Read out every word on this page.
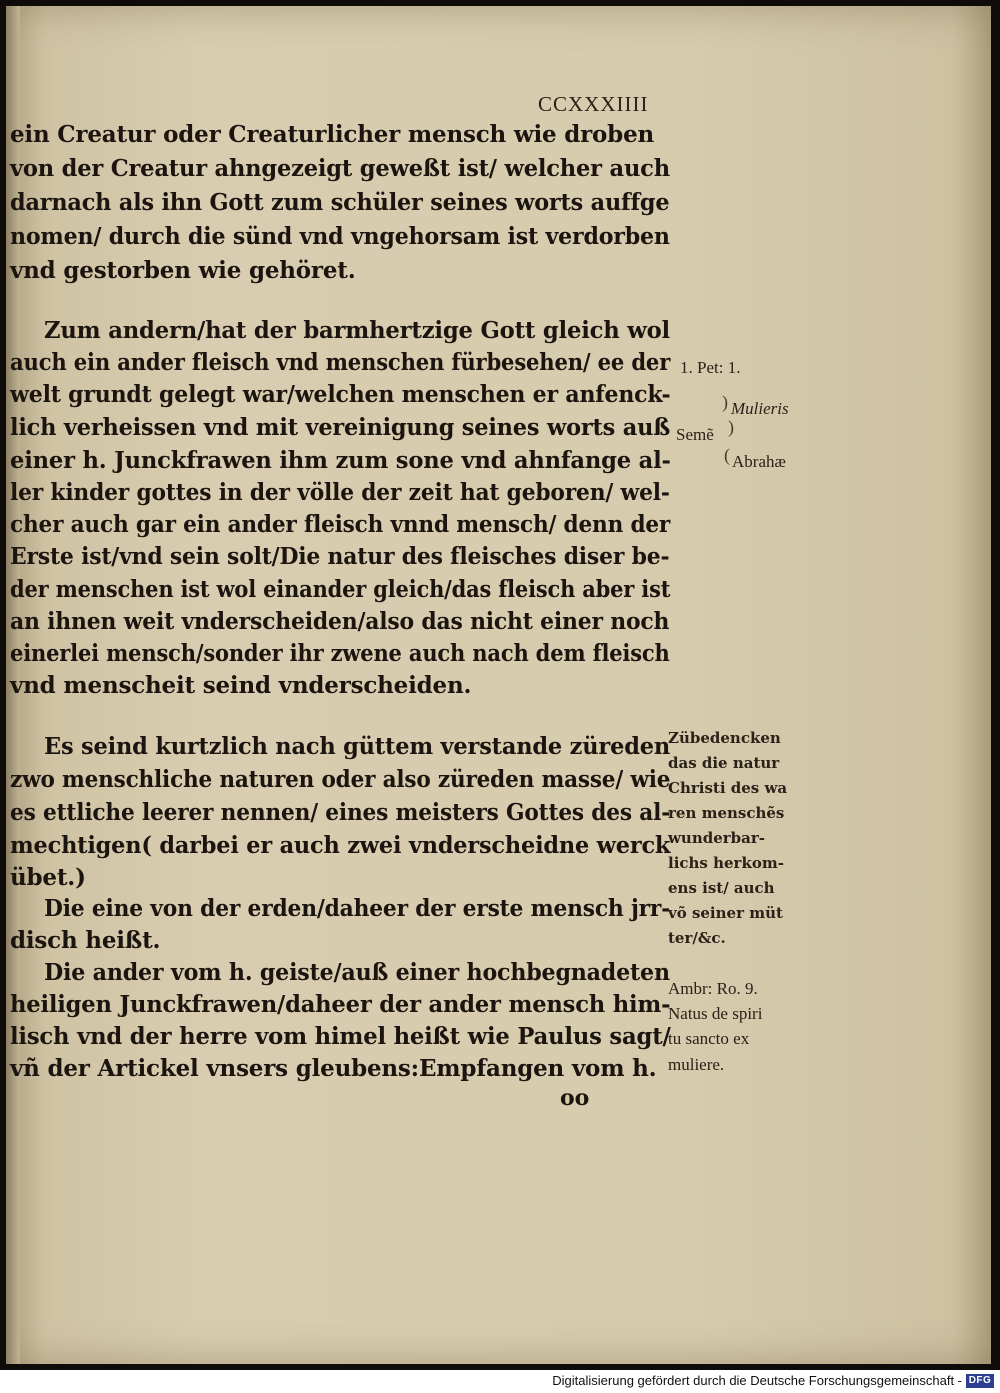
CCXXXIIII
ein Creatur oder Creaturlicher mensch wie droben
von der Creatur ahngezeigt geweßt ist/ welcher auch
darnach als ihn Gott zum schüler seines worts auffge
nomen/ durch die sünd vnd vngehorsam ist verdorben
vnd gestorben wie gehöret.
Zum andern/hat der barmhertzige Gott gleich wol
auch ein ander fleisch vnd menschen fürbesehen/ ee der
welt grundt gelegt war/welchen menschen er anfenck-
lich verheissen vnd mit vereinigung seines worts auß
einer h. Junckfrawen ihm zum sone vnd ahnfange al-
ler kinder gottes in der völle der zeit hat geboren/ wel-
cher auch gar ein ander fleisch vnnd mensch/ denn der
Erste ist/vnd sein solt/Die natur des fleisches diser be-
der menschen ist wol einander gleich/das fleisch aber ist
an ihnen weit vnderscheiden/also das nicht einer noch
einerlei mensch/sonder ihr zwene auch nach dem fleisch
vnd menscheit seind vnderscheiden.
Es seind kurtzlich nach güttem verstande züreden
zwo menschliche naturen oder also züreden masse/ wie
es ettliche leerer nennen/ eines meisters Gottes des al-
mechtigen( darbei er auch zwei vnderscheidne werck
übet.)
Die eine von der erden/daheer der erste mensch jrr-
disch heißt.
Die ander vom h. geiste/auß einer hochbegnadeten
heiligen Junckfrawen/daheer der ander mensch him-
lisch vnd der herre vom himel heißt wie Paulus sagt/
vñ der Artickel vnsers gleubens:Empfangen vom h.
1. Pet: 1.
) Mulieris
Semẽ )
( Abrahæ
Zübedencken
das die natur
Christi des wa
ren menschẽs
wunderbar-
lichs herkom-
ens ist/ auch
võ seiner müt
ter/&c.
Ambr: Ro. 9.
Natus de spiri
tu sancto ex
muliere.
oo
Digitalisierung gefördert durch die Deutsche Forschungsgemeinschaft - DFG
